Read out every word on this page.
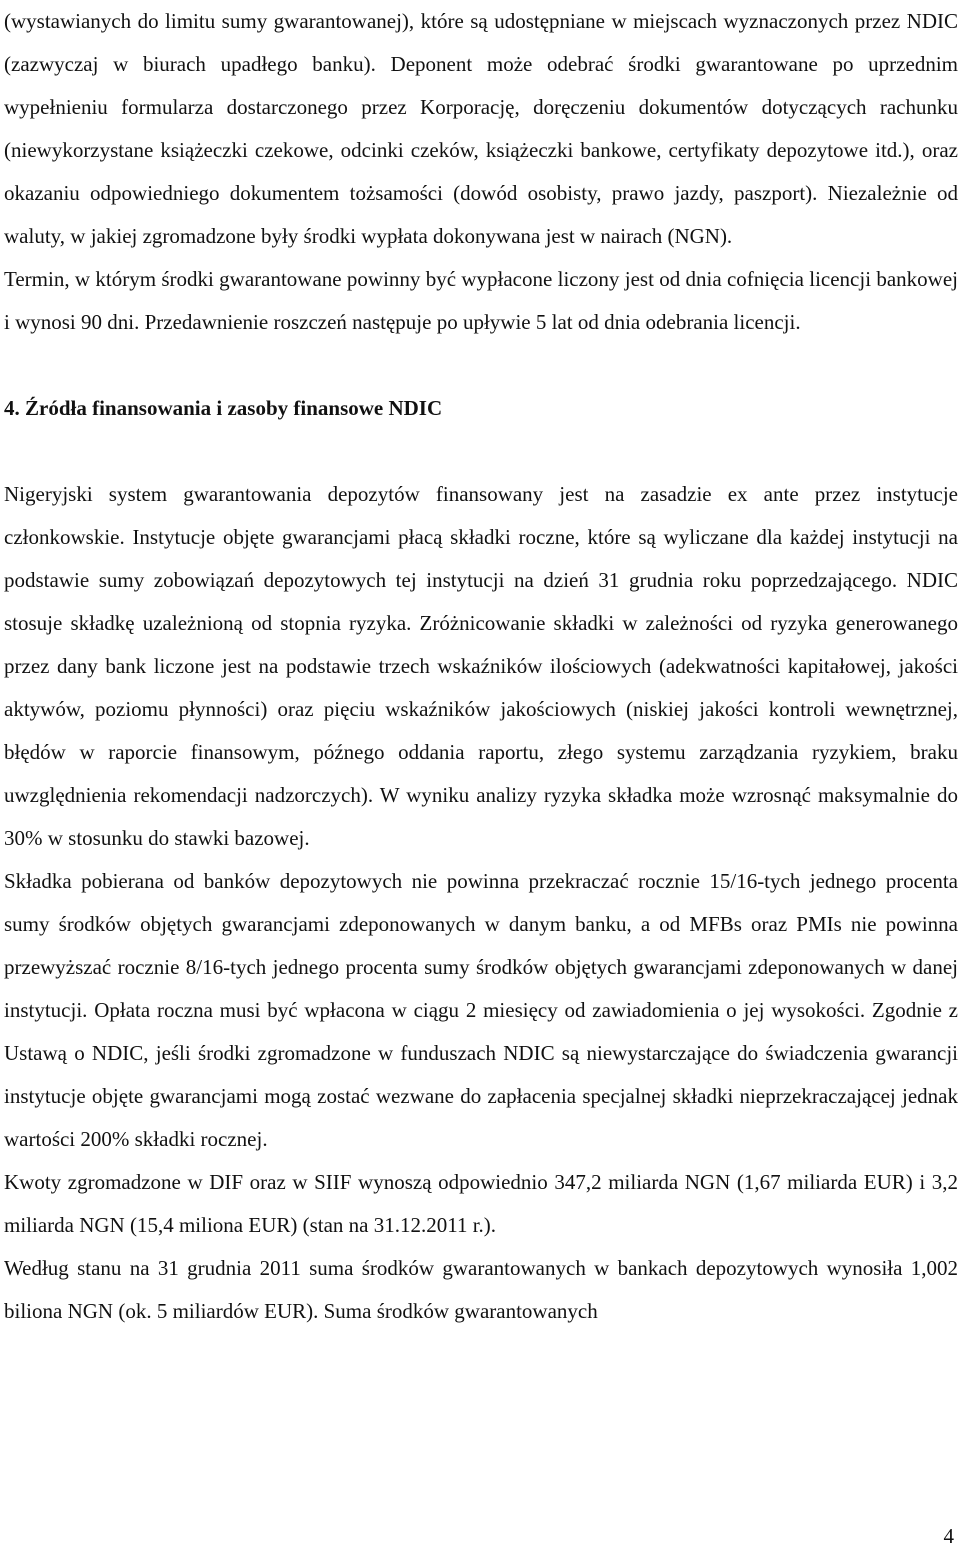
(wystawianych do limitu sumy gwarantowanej), które są udostępniane w miejscach wyznaczonych przez NDIC (zazwyczaj w biurach upadłego banku). Deponent może odebrać środki gwarantowane po uprzednim wypełnieniu formularza dostarczonego przez Korporację, doręczeniu dokumentów dotyczących rachunku (niewykorzystane książeczki czekowe, odcinki czeków, książeczki bankowe, certyfikaty depozytowe itd.), oraz okazaniu odpowiedniego dokumentem tożsamości (dowód osobisty, prawo jazdy, paszport). Niezależnie od waluty, w jakiej zgromadzone były środki wypłata dokonywana jest w nairach (NGN).

Termin, w którym środki gwarantowane powinny być wypłacone liczony jest od dnia cofnięcia licencji bankowej i wynosi 90 dni. Przedawnienie roszczeń następuje po upływie 5 lat od dnia odebrania licencji.

4. Źródła finansowania i zasoby finansowe NDIC

Nigeryjski system gwarantowania depozytów finansowany jest na zasadzie ex ante przez instytucje członkowskie. Instytucje objęte gwarancjami płacą składki roczne, które są wyliczane dla każdej instytucji na podstawie sumy zobowiązań depozytowych tej instytucji na dzień 31 grudnia roku poprzedzającego. NDIC stosuje składkę uzależnioną od stopnia ryzyka. Zróżnicowanie składki w zależności od ryzyka generowanego przez dany bank liczone jest na podstawie trzech wskaźników ilościowych (adekwatności kapitałowej, jakości aktywów, poziomu płynności) oraz pięciu wskaźników jakościowych (niskiej jakości kontroli wewnętrznej, błędów w raporcie finansowym, późnego oddania raportu, złego systemu zarządzania ryzykiem, braku uwzględnienia rekomendacji nadzorczych). W wyniku analizy ryzyka składka może wzrosnąć maksymalnie do 30% w stosunku do stawki bazowej.

Składka pobierana od banków depozytowych nie powinna przekraczać rocznie 15/16-tych jednego procenta sumy środków objętych gwarancjami zdeponowanych w danym banku, a od MFBs oraz PMIs nie powinna przewyższać rocznie 8/16-tych jednego procenta sumy środków objętych gwarancjami zdeponowanych w danej instytucji. Opłata roczna musi być wpłacona w ciągu 2 miesięcy od zawiadomienia o jej wysokości. Zgodnie z Ustawą o NDIC, jeśli środki zgromadzone w funduszach NDIC są niewystarczające do świadczenia gwarancji instytucje objęte gwarancjami mogą zostać wezwane do zapłacenia specjalnej składki nieprzekraczającej jednak wartości 200% składki rocznej.

Kwoty zgromadzone w DIF oraz w SIIF wynoszą odpowiednio 347,2 miliarda NGN (1,67 miliarda EUR) i 3,2 miliarda NGN (15,4 miliona EUR) (stan na 31.12.2011 r.).

Według stanu na 31 grudnia 2011 suma środków gwarantowanych w bankach depozytowych wynosiła 1,002 biliona NGN (ok. 5 miliardów EUR). Suma środków gwarantowanych

4
